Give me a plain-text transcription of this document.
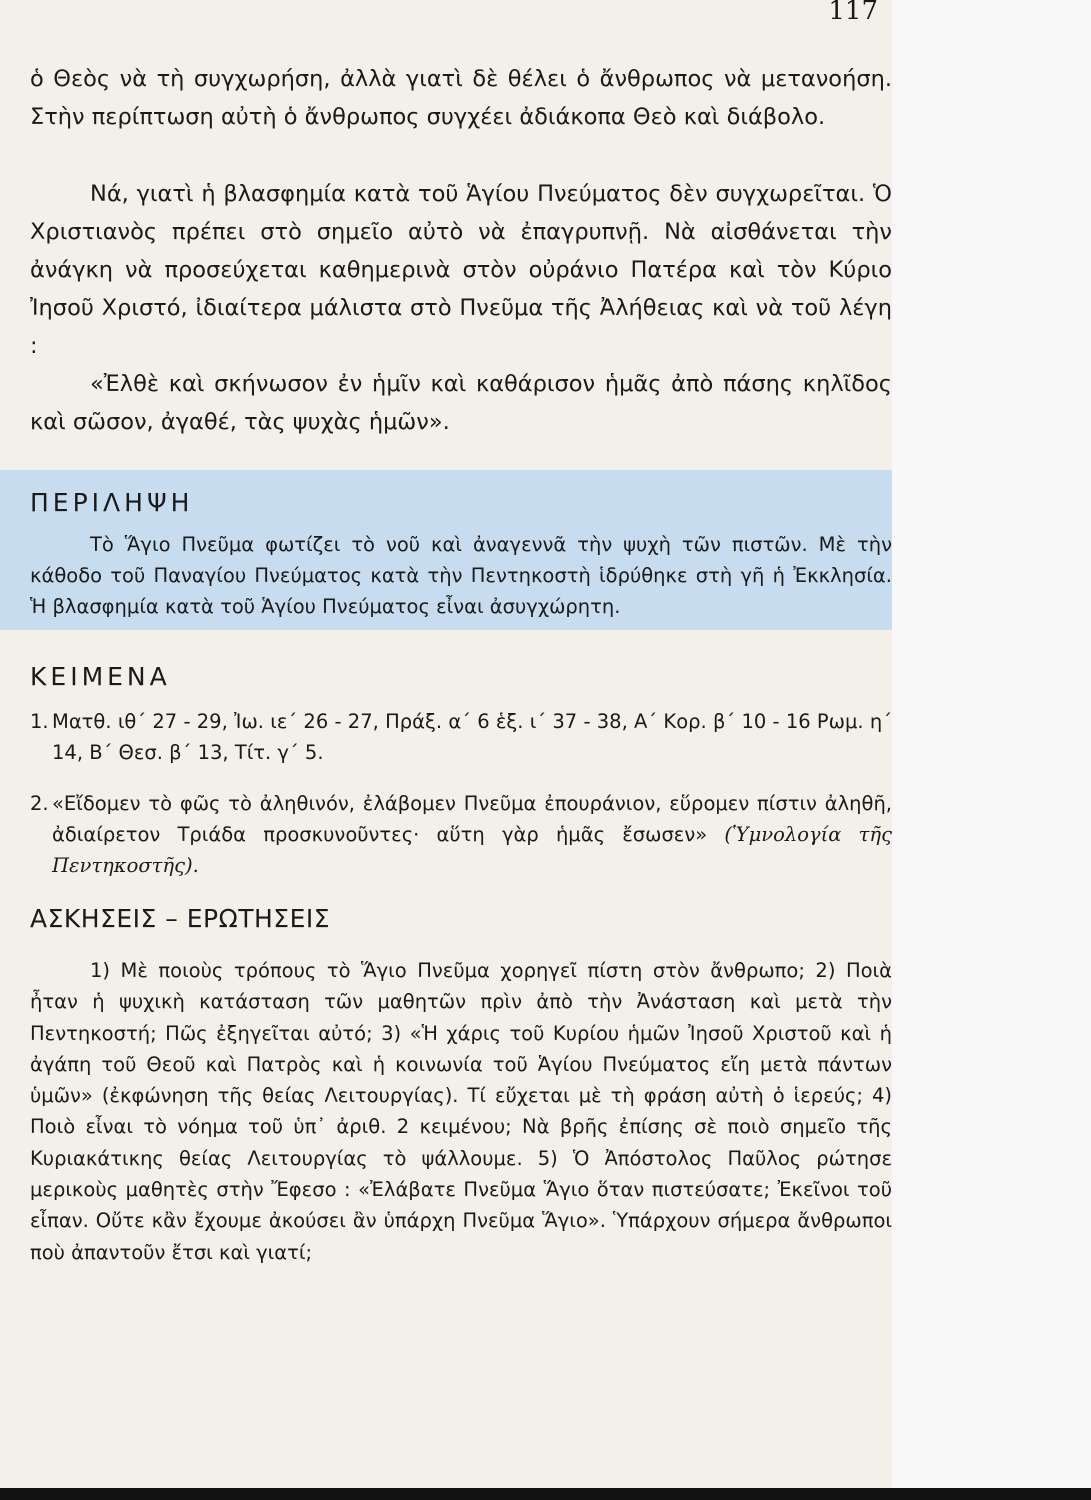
117

ὁ Θεὸς νὰ τὴ συγχωρήση, ἀλλὰ γιατὶ δὲ θέλει ὁ ἄνθρωπος νὰ μετανοήση. Στὴν περίπτωση αὐτὴ ὁ ἄνθρωπος συγχέει ἀδιάκοπα Θεὸ καὶ διάβολο.

Νά, γιατὶ ἡ βλασφημία κατὰ τοῦ Ἁγίου Πνεύματος δὲν συγχωρεῖται. Ὁ Χριστιανὸς πρέπει στὸ σημεῖο αὐτὸ νὰ ἐπαγρυπνῇ. Νὰ αἰσθάνεται τὴν ἀνάγκη νὰ προσεύχεται καθημερινὰ στὸν οὐράνιο Πατέρα καὶ τὸν Κύριο Ἰησοῦ Χριστό, ἰδιαίτερα μάλιστα στὸ Πνεῦμα τῆς Ἀλήθειας καὶ νὰ τοῦ λέγη :

«Ἐλθὲ καὶ σκήνωσον ἐν ἡμῖν καὶ καθάρισον ἡμᾶς ἀπὸ πάσης κηλῖδος καὶ σῶσον, ἀγαθέ, τὰς ψυχὰς ἡμῶν».

ΠΕΡΙΛΗΨΗ

Τὸ Ἅγιο Πνεῦμα φωτίζει τὸ νοῦ καὶ ἀναγεννᾶ τὴν ψυχὴ τῶν πιστῶν. Μὲ τὴν κάθοδο τοῦ Παναγίου Πνεύματος κατὰ τὴν Πεντηκοστὴ ἱδρύθηκε στὴ γῆ ἡ Ἐκκλησία. Ἡ βλασφημία κατὰ τοῦ Ἁγίου Πνεύματος εἶναι ἀσυγχώρητη.

ΚΕΙΜΕΝΑ
1. Ματθ. ιθ΄ 27 - 29, Ἰω. ιε΄ 26 - 27, Πράξ. α΄ 6 ἑξ. ι΄ 37 - 38, Α΄ Κορ. β΄ 10 - 16 Ρωμ. η΄ 14, Β΄ Θεσ. β΄ 13, Τίτ. γ΄ 5.
2. «Εἴδομεν τὸ φῶς τὸ ἀληθινόν, ἐλάβομεν Πνεῦμα ἐπουράνιον, εὕρομεν πίστιν ἀληθῆ, ἀδιαίρετον Τριάδα προσκυνοῦντες· αὕτη γὰρ ἡμᾶς ἔσωσεν» (Ὑμνολογία τῆς Πεντηκοστῆς).
ΑΣΚΗΣΕΙΣ – ΕΡΩΤΗΣΕΙΣ

1) Μὲ ποιοὺς τρόπους τὸ Ἅγιο Πνεῦμα χορηγεῖ πίστη στὸν ἄνθρωπο; 2) Ποιὰ ἦταν ἡ ψυχικὴ κατάσταση τῶν μαθητῶν πρὶν ἀπὸ τὴν Ἀνάσταση καὶ μετὰ τὴν Πεντηκοστή; Πῶς ἐξηγεῖται αὐτό; 3) «Ἡ χάρις τοῦ Κυρίου ἡμῶν Ἰησοῦ Χριστοῦ καὶ ἡ ἀγάπη τοῦ Θεοῦ καὶ Πατρὸς καὶ ἡ κοινωνία τοῦ Ἁγίου Πνεύματος εἴη μετὰ πάντων ὑμῶν» (ἐκφώνηση τῆς θείας Λειτουργίας). Τί εὔχεται μὲ τὴ φράση αὐτὴ ὁ ἱερεύς; 4) Ποιὸ εἶναι τὸ νόημα τοῦ ὑπ᾽ ἀριθ. 2 κειμένου; Νὰ βρῆς ἐπίσης σὲ ποιὸ σημεῖο τῆς Κυριακάτικης θείας Λειτουργίας τὸ ψάλλουμε. 5) Ὁ Ἀπόστολος Παῦλος ρώτησε μερικοὺς μαθητὲς στὴν Ἔφεσο : «Ἐλάβατε Πνεῦμα Ἅγιο ὅταν πιστεύσατε; Ἐκεῖνοι τοῦ εἶπαν. Οὔτε κἂν ἔχουμε ἀκούσει ἂν ὑπάρχη Πνεῦμα Ἅγιο». Ὑπάρχουν σήμερα ἄνθρωποι ποὺ ἀπαντοῦν ἔτσι καὶ γιατί;
